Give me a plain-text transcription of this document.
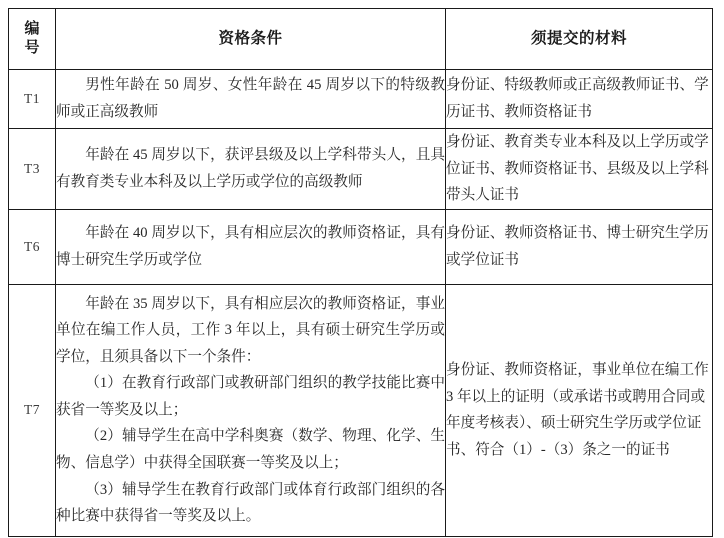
编
号	资格条件	须提交的材料
T1	男性年龄在 50 周岁、女性年龄在 45 周岁以下的特级教师或正高级教师	身份证、特级教师或正高级教师证书、学历证书、教师资格证书

T3	年龄在 45 周岁以下，获评县级及以上学科带头人，且具有教育类专业本科及以上学历或学位的高级教师	身份证、教育类专业本科及以上学历或学位证书、教师资格证书、县级及以上学科带头人证书

T6	年龄在 40 周岁以下，具有相应层次的教师资格证，具有博士研究生学历或学位	身份证、教师资格证书、博士研究生学历或学位证书

T7	年龄在 35 周岁以下，具有相应层次的教师资格证，事业单位在编工作人员，工作 3 年以上，具有硕士研究生学历或学位，且须具备以下一个条件：

（1）在教育行政部门或教研部门组织的教学技能比赛中获省一等奖及以上；

（2）辅导学生在高中学科奥赛（数学、物理、化学、生物、信息学）中获得全国联赛一等奖及以上；

（3）辅导学生在教育行政部门或体育行政部门组织的各种比赛中获得省一等奖及以上。	身份证、教师资格证，事业单位在编工作 3 年以上的证明（或承诺书或聘用合同或年度考核表）、硕士研究生学历或学位证书、符合（1）-（3）条之一的证书
